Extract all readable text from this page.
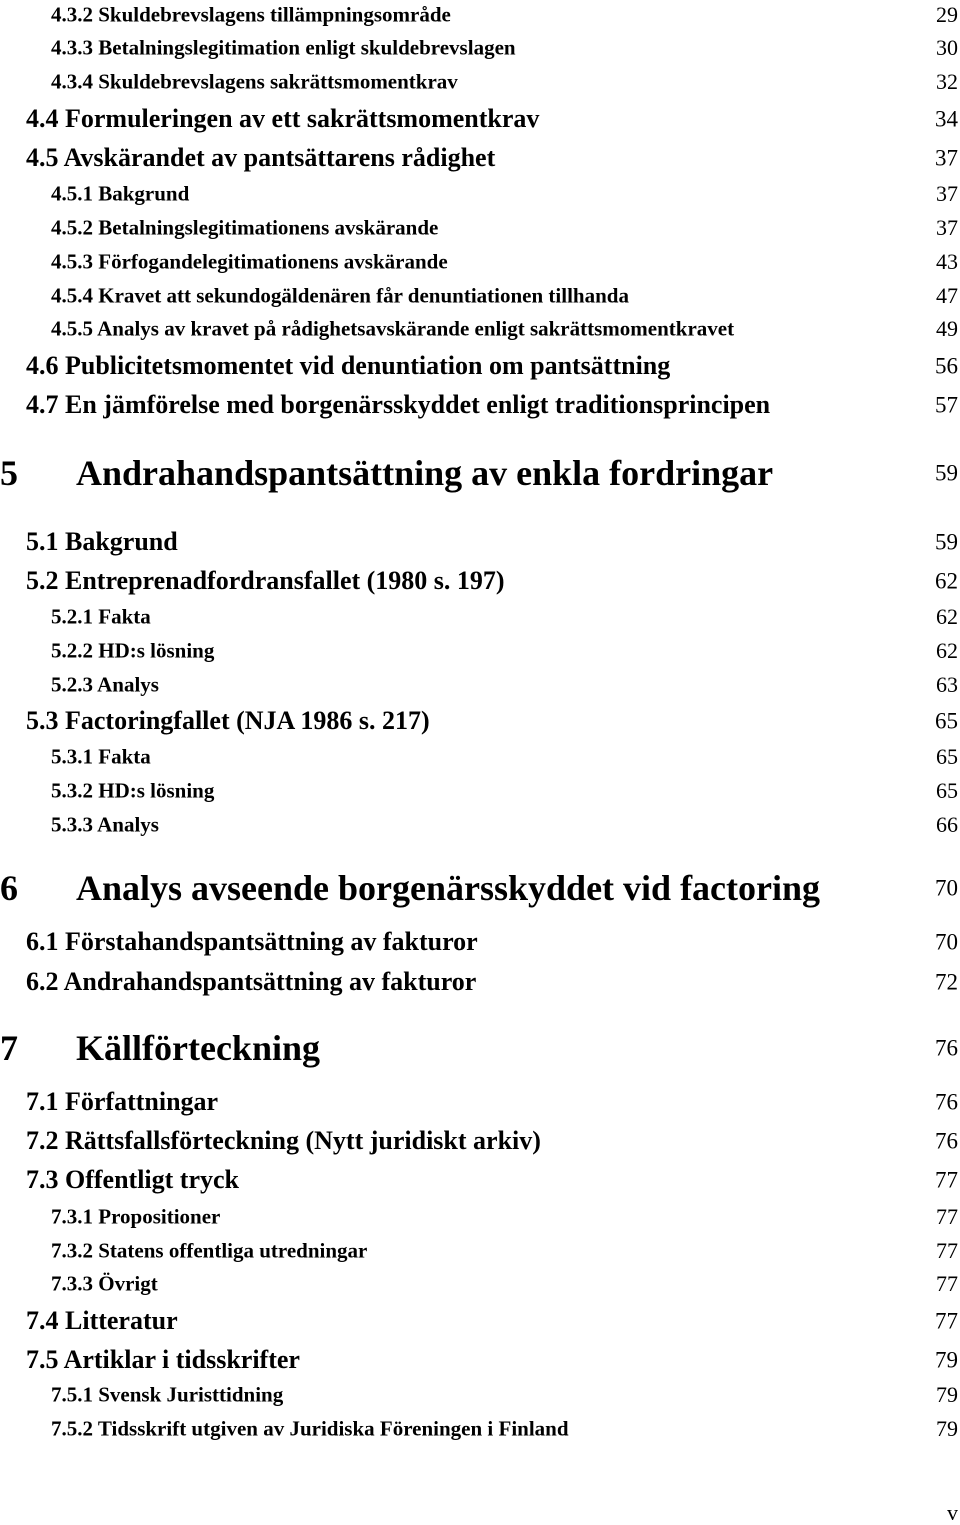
4.3.2 Skuldebrevslagens tillämpningsområde	29
4.3.3 Betalningslegitimation enligt skuldebrevslagen	30
4.3.4 Skuldebrevslagens sakrättsmomentkrav	32
4.4 Formuleringen av ett sakrättsmomentkrav	34
4.5 Avskärandet av pantsättarens rådighet	37
4.5.1 Bakgrund	37
4.5.2 Betalningslegitimationens avskärande	37
4.5.3 Förfogandelegitimationens avskärande	43
4.5.4 Kravet att sekundogäldenären får denuntiationen tillhanda	47
4.5.5 Analys av kravet på rådighetsavskärande enligt sakrättsmomentkravet	49
4.6 Publicitetsmomentet vid denuntiation om pantsättning	56
4.7 En jämförelse med borgenärsskyddet enligt traditionsprincipen	57
5 Andrahandspantsättning av enkla fordringar	59
5.1 Bakgrund	59
5.2 Entreprenadfordransfallet (1980 s. 197)	62
5.2.1 Fakta	62
5.2.2 HD:s lösning	62
5.2.3 Analys	63
5.3 Factoringfallet (NJA 1986 s. 217)	65
5.3.1 Fakta	65
5.3.2 HD:s lösning	65
5.3.3 Analys	66
6 Analys avseende borgenärsskyddet vid factoring	70
6.1 Förstahandspantsättning av fakturor	70
6.2 Andrahandspantsättning av fakturor	72
7 Källförteckning	76
7.1 Författningar	76
7.2 Rättsfallsförteckning (Nytt juridiskt arkiv)	76
7.3 Offentligt tryck	77
7.3.1 Propositioner	77
7.3.2 Statens offentliga utredningar	77
7.3.3 Övrigt	77
7.4 Litteratur	77
7.5 Artiklar i tidsskrifter	79
7.5.1 Svensk Juristtidning	79
7.5.2 Tidsskrift utgiven av Juridiska Föreningen i Finland	79
v
